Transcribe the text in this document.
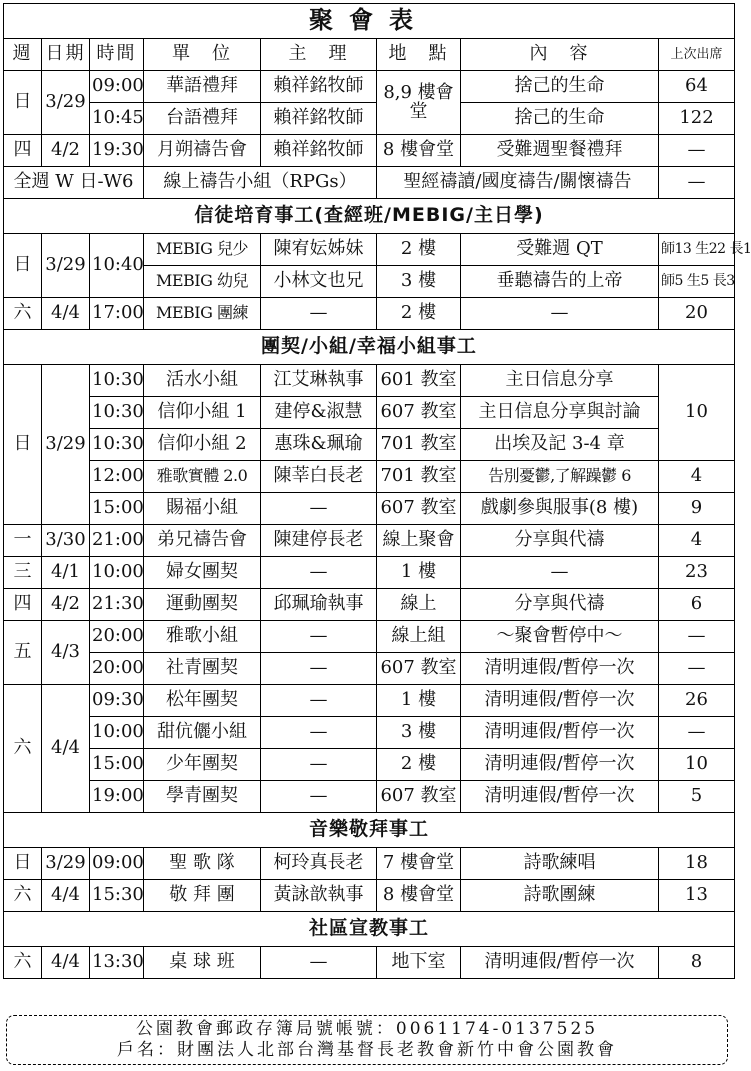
聚會表							
週	日期	時間	單　位	主　理	地　點	內　容	上次出席
日	3/29	09:00	華語禮拜	賴祥銘牧師	8,9 樓會堂	捨己的生命	64
		10:45	台語禮拜	賴祥銘牧師		捨己的生命	122
四	4/2	19:30	月朔禱告會	賴祥銘牧師	8 樓會堂	受難週聖餐禮拜	—
全週 W 日-W6			線上禱告小組（RPGs）		聖經禱讀/國度禱告/關懷禱告		—
信徒培育事工(查經班/MEBIG/主日學)							
日	3/29	10:40	MEBIG 兒少	陳宥妘姊妹	2 樓	受難週 QT	師13 生22 長1
			MEBIG 幼兒	小林文也兄	3 樓	垂聽禱告的上帝	師5 生5 長3
六	4/4	17:00	MEBIG 團練	—	2 樓	—	20
團契/小組/幸福小組事工							
日	3/29	10:30	活水小組	江艾琳執事	601 教室	主日信息分享	10
		10:30	信仰小組 1	建停&淑慧	607 教室	主日信息分享與討論	
		10:30	信仰小組 2	惠珠&珮瑜	701 教室	出埃及記 3-4 章	
		12:00	雅歌實體 2.0	陳莘白長老	701 教室	告別憂鬱,了解躁鬱 6	4
		15:00	賜福小組	—	607 教室	戲劇參與服事(8 樓)	9
一	3/30	21:00	弟兄禱告會	陳建停長老	線上聚會	分享與代禱	4
三	4/1	10:00	婦女團契	—	1 樓	—	23
四	4/2	21:30	運動團契	邱珮瑜執事	線上	分享與代禱	6
五	4/3	20:00	雅歌小組	—	線上組	～聚會暫停中～	—
		20:00	社青團契	—	607 教室	清明連假/暫停一次	—
六	4/4	09:30	松年團契	—	1 樓	清明連假/暫停一次	26
		10:00	甜伉儷小組	—	3 樓	清明連假/暫停一次	—
		15:00	少年團契	—	2 樓	清明連假/暫停一次	10
		19:00	學青團契	—	607 教室	清明連假/暫停一次	5
音樂敬拜事工							
日	3/29	09:00	聖 歌 隊	柯玲真長老	7 樓會堂	詩歌練唱	18
六	4/4	15:30	敬 拜 團	黃詠歆執事	8 樓會堂	詩歌團練	13
社區宣教事工							
六	4/4	13:30	桌 球 班	—	地下室	清明連假/暫停一次	8
公園教會郵政存簿局號帳號：0061174-0137525
戶名：財團法人北部台灣基督長老教會新竹中會公園教會
